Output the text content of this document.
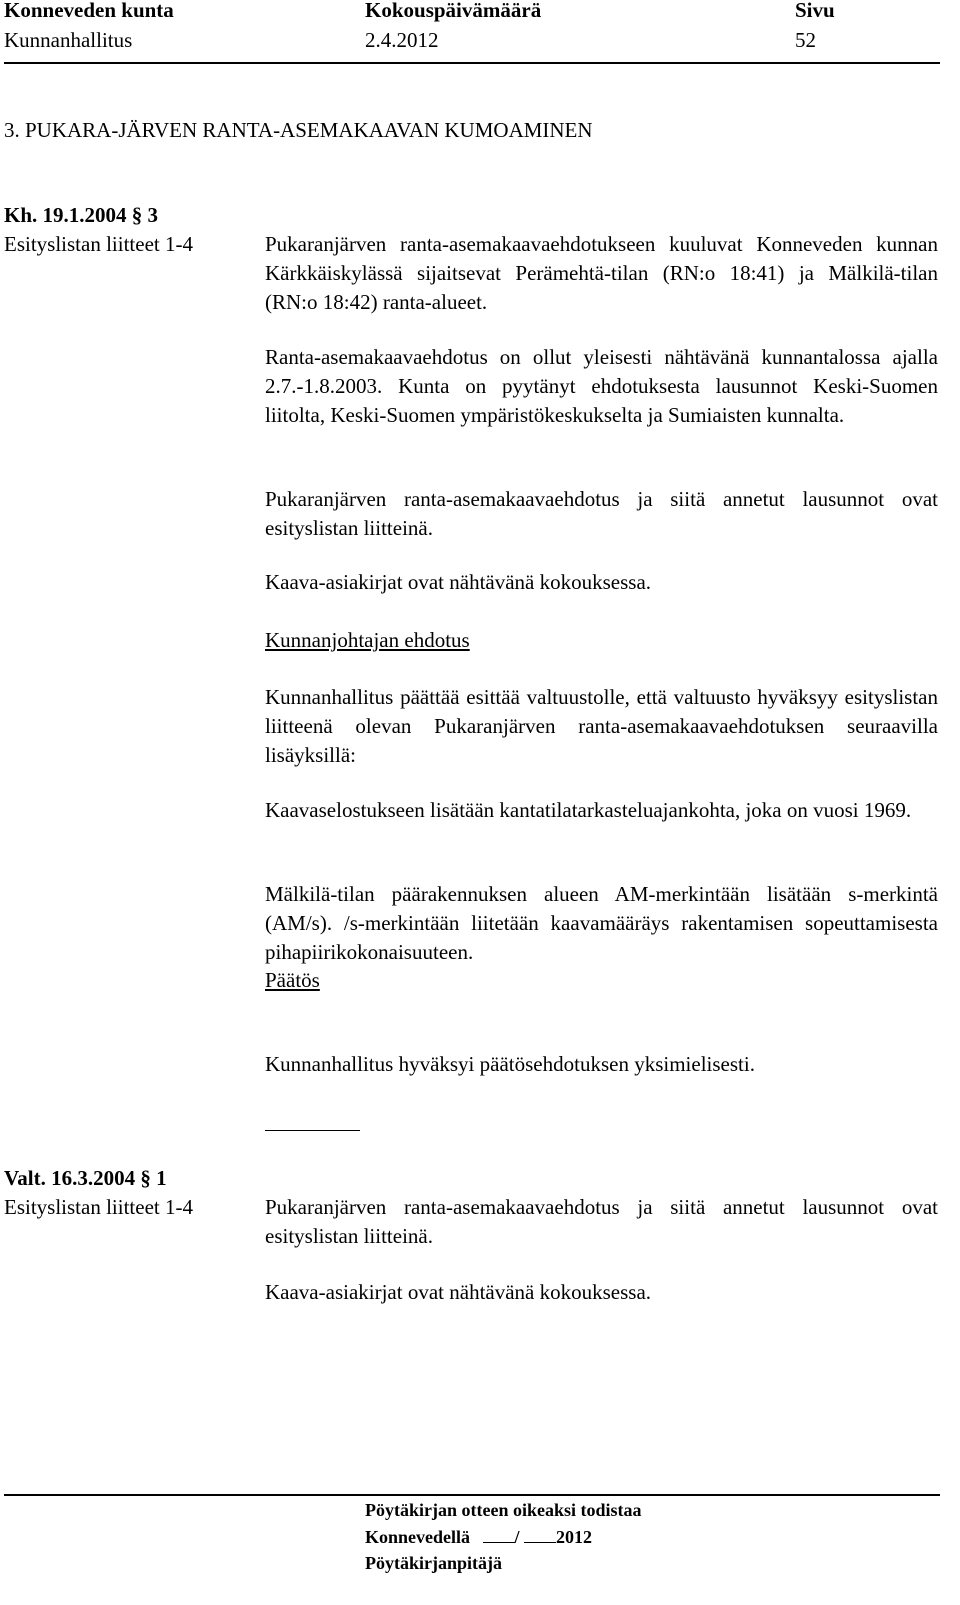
Konneveden kunta

Kunnanhallitus

Kokouspäivämäärä

2.4.2012

Sivu

52

3. PUKARA-JÄRVEN RANTA-ASEMAKAAVAN KUMOAMINEN

Kh. 19.1.2004 § 3

Esityslistan liitteet 1-4	Pukaranjärven ranta-asemakaavaehdotukseen kuuluvat Konneveden kunnan Kärkkäiskylässä sijaitsevat Perämehtä-tilan (RN:o 18:41) ja Mälkilä-tilan (RN:o 18:42) ranta-alueet.

Ranta-asemakaavaehdotus on ollut yleisesti nähtävänä kunnantalossa ajalla 2.7.-1.8.2003. Kunta on pyytänyt ehdotuksesta lausunnot Keski-Suomen liitolta, Keski-Suomen ympäristökeskukselta ja Sumiaisten kunnalta.

Pukaranjärven ranta-asemakaavaehdotus ja siitä annetut lausunnot ovat esityslistan liitteinä.

Kaava-asiakirjat ovat nähtävänä kokouksessa.

Kunnanjohtajan ehdotus

Kunnanhallitus päättää esittää valtuustolle, että valtuusto hyväksyy esityslistan liitteenä olevan Pukaranjärven ranta-asemakaavaehdotuksen seuraavilla lisäyksillä:

Kaavaselostukseen lisätään kantatilatarkasteluajankohta, joka on vuosi 1969.

Mälkilä-tilan päärakennuksen alueen AM-merkintään lisätään s-merkintä (AM/s). /s-merkintään liitetään kaavamääräys rakentamisen sopeuttamisesta pihapiirikokonaisuuteen.

Päätös

Kunnanhallitus hyväksyi päätösehdotuksen yksimielisesti.

Valt. 16.3.2004 § 1

Esityslistan liitteet 1-4	Pukaranjärven ranta-asemakaavaehdotus ja siitä annetut lausunnot ovat esityslistan liitteinä.

Kaava-asiakirjat ovat nähtävänä kokouksessa.

Pöytäkirjan otteen oikeaksi todistaa

Konnevedellä / 2012

Pöytäkirjanpitäjä
